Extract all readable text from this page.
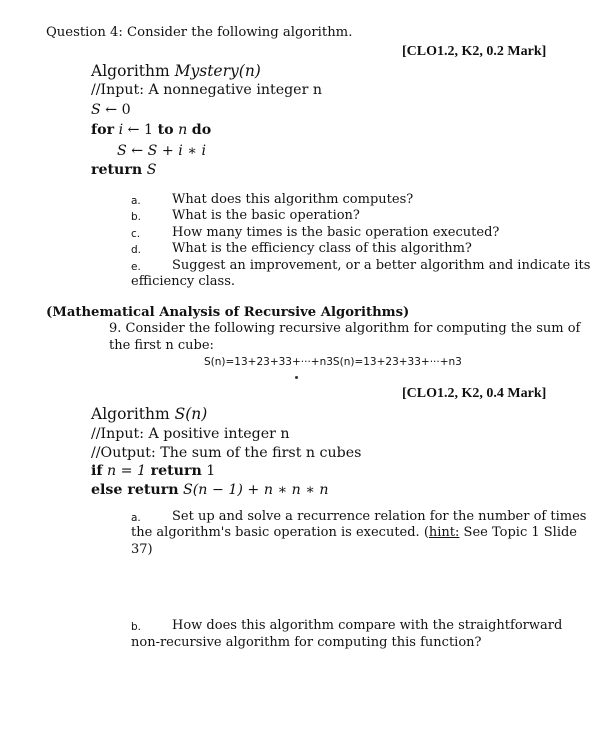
Question 4: Consider the following algorithm.
[CLO1.2, K2, 0.2 Mark]
Algorithm Mystery(n)
//Input: A nonnegative integer n
S ← 0
for i ← 1 to n do
S ← S + i ∗ i
return S
a. What does this algorithm computes?
b. What is the basic operation?
c. How many times is the basic operation executed?
d. What is the efficiency class of this algorithm?
e. Suggest an improvement, or a better algorithm and indicate its
efficiency class.
(Mathematical Analysis of Recursive Algorithms)
9. Consider the following recursive algorithm for computing the sum of
the first n cube:
S(n)=13+23+33+···+n3S(n)=13+23+33+···+n3
[CLO1.2, K2, 0.4 Mark]
Algorithm S(n)
//Input: A positive integer n
//Output: The sum of the first n cubes
if n = 1 return 1
else return S(n − 1) + n ∗ n ∗ n
a. Set up and solve a recurrence relation for the number of times
the algorithm's basic operation is executed. (hint: See Topic 1 Slide
37)
b. How does this algorithm compare with the straightforward
non-recursive algorithm for computing this function?
